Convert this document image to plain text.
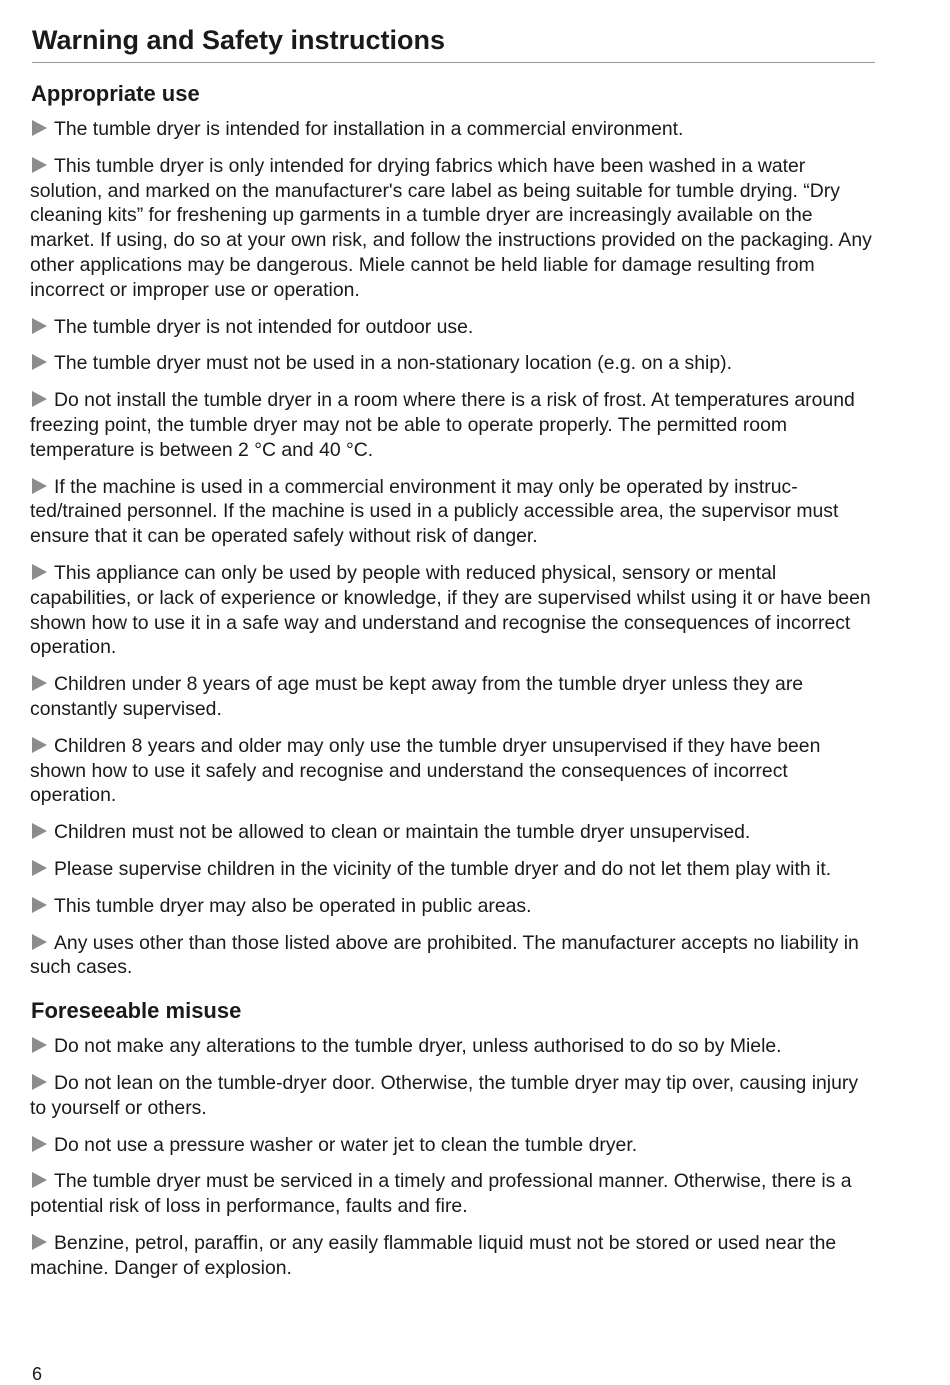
Warning and Safety instructions
Appropriate use

The tumble dryer is intended for installation in a commercial environment.

This tumble dryer is only intended for drying fabrics which have been washed in a water solution, and marked on the manufacturer's care label as being suitable for tumble drying. “Dry cleaning kits” for freshening up garments in a tumble dryer are increasingly available on the market. If using, do so at your own risk, and follow the instructions provided on the packaging. Any other applications may be dangerous. Miele cannot be held liable for damage resulting from incorrect or improper use or operation.

The tumble dryer is not intended for outdoor use.

The tumble dryer must not be used in a non-stationary location (e.g. on a ship).

Do not install the tumble dryer in a room where there is a risk of frost. At temperatures around freezing point, the tumble dryer may not be able to operate properly. The permitted room temperature is between 2 °C and 40 °C.

If the machine is used in a commercial environment it may only be operated by instructed/trained personnel. If the machine is used in a publicly accessible area, the supervisor must ensure that it can be operated safely without risk of danger.

This appliance can only be used by people with reduced physical, sensory or mental capabilities, or lack of experience or knowledge, if they are supervised whilst using it or have been shown how to use it in a safe way and understand and recognise the consequences of incorrect operation.

Children under 8 years of age must be kept away from the tumble dryer unless they are constantly supervised.

Children 8 years and older may only use the tumble dryer unsupervised if they have been shown how to use it safely and recognise and understand the consequences of incorrect operation.

Children must not be allowed to clean or maintain the tumble dryer unsupervised.

Please supervise children in the vicinity of the tumble dryer and do not let them play with it.

This tumble dryer may also be operated in public areas.

Any uses other than those listed above are prohibited. The manufacturer accepts no liability in such cases.

Foreseeable misuse

Do not make any alterations to the tumble dryer, unless authorised to do so by Miele.

Do not lean on the tumble-dryer door. Otherwise, the tumble dryer may tip over, causing injury to yourself or others.

Do not use a pressure washer or water jet to clean the tumble dryer.

The tumble dryer must be serviced in a timely and professional manner. Otherwise, there is a potential risk of loss in performance, faults and fire.

Benzine, petrol, paraffin, or any easily flammable liquid must not be stored or used near the machine. Danger of explosion.

6
